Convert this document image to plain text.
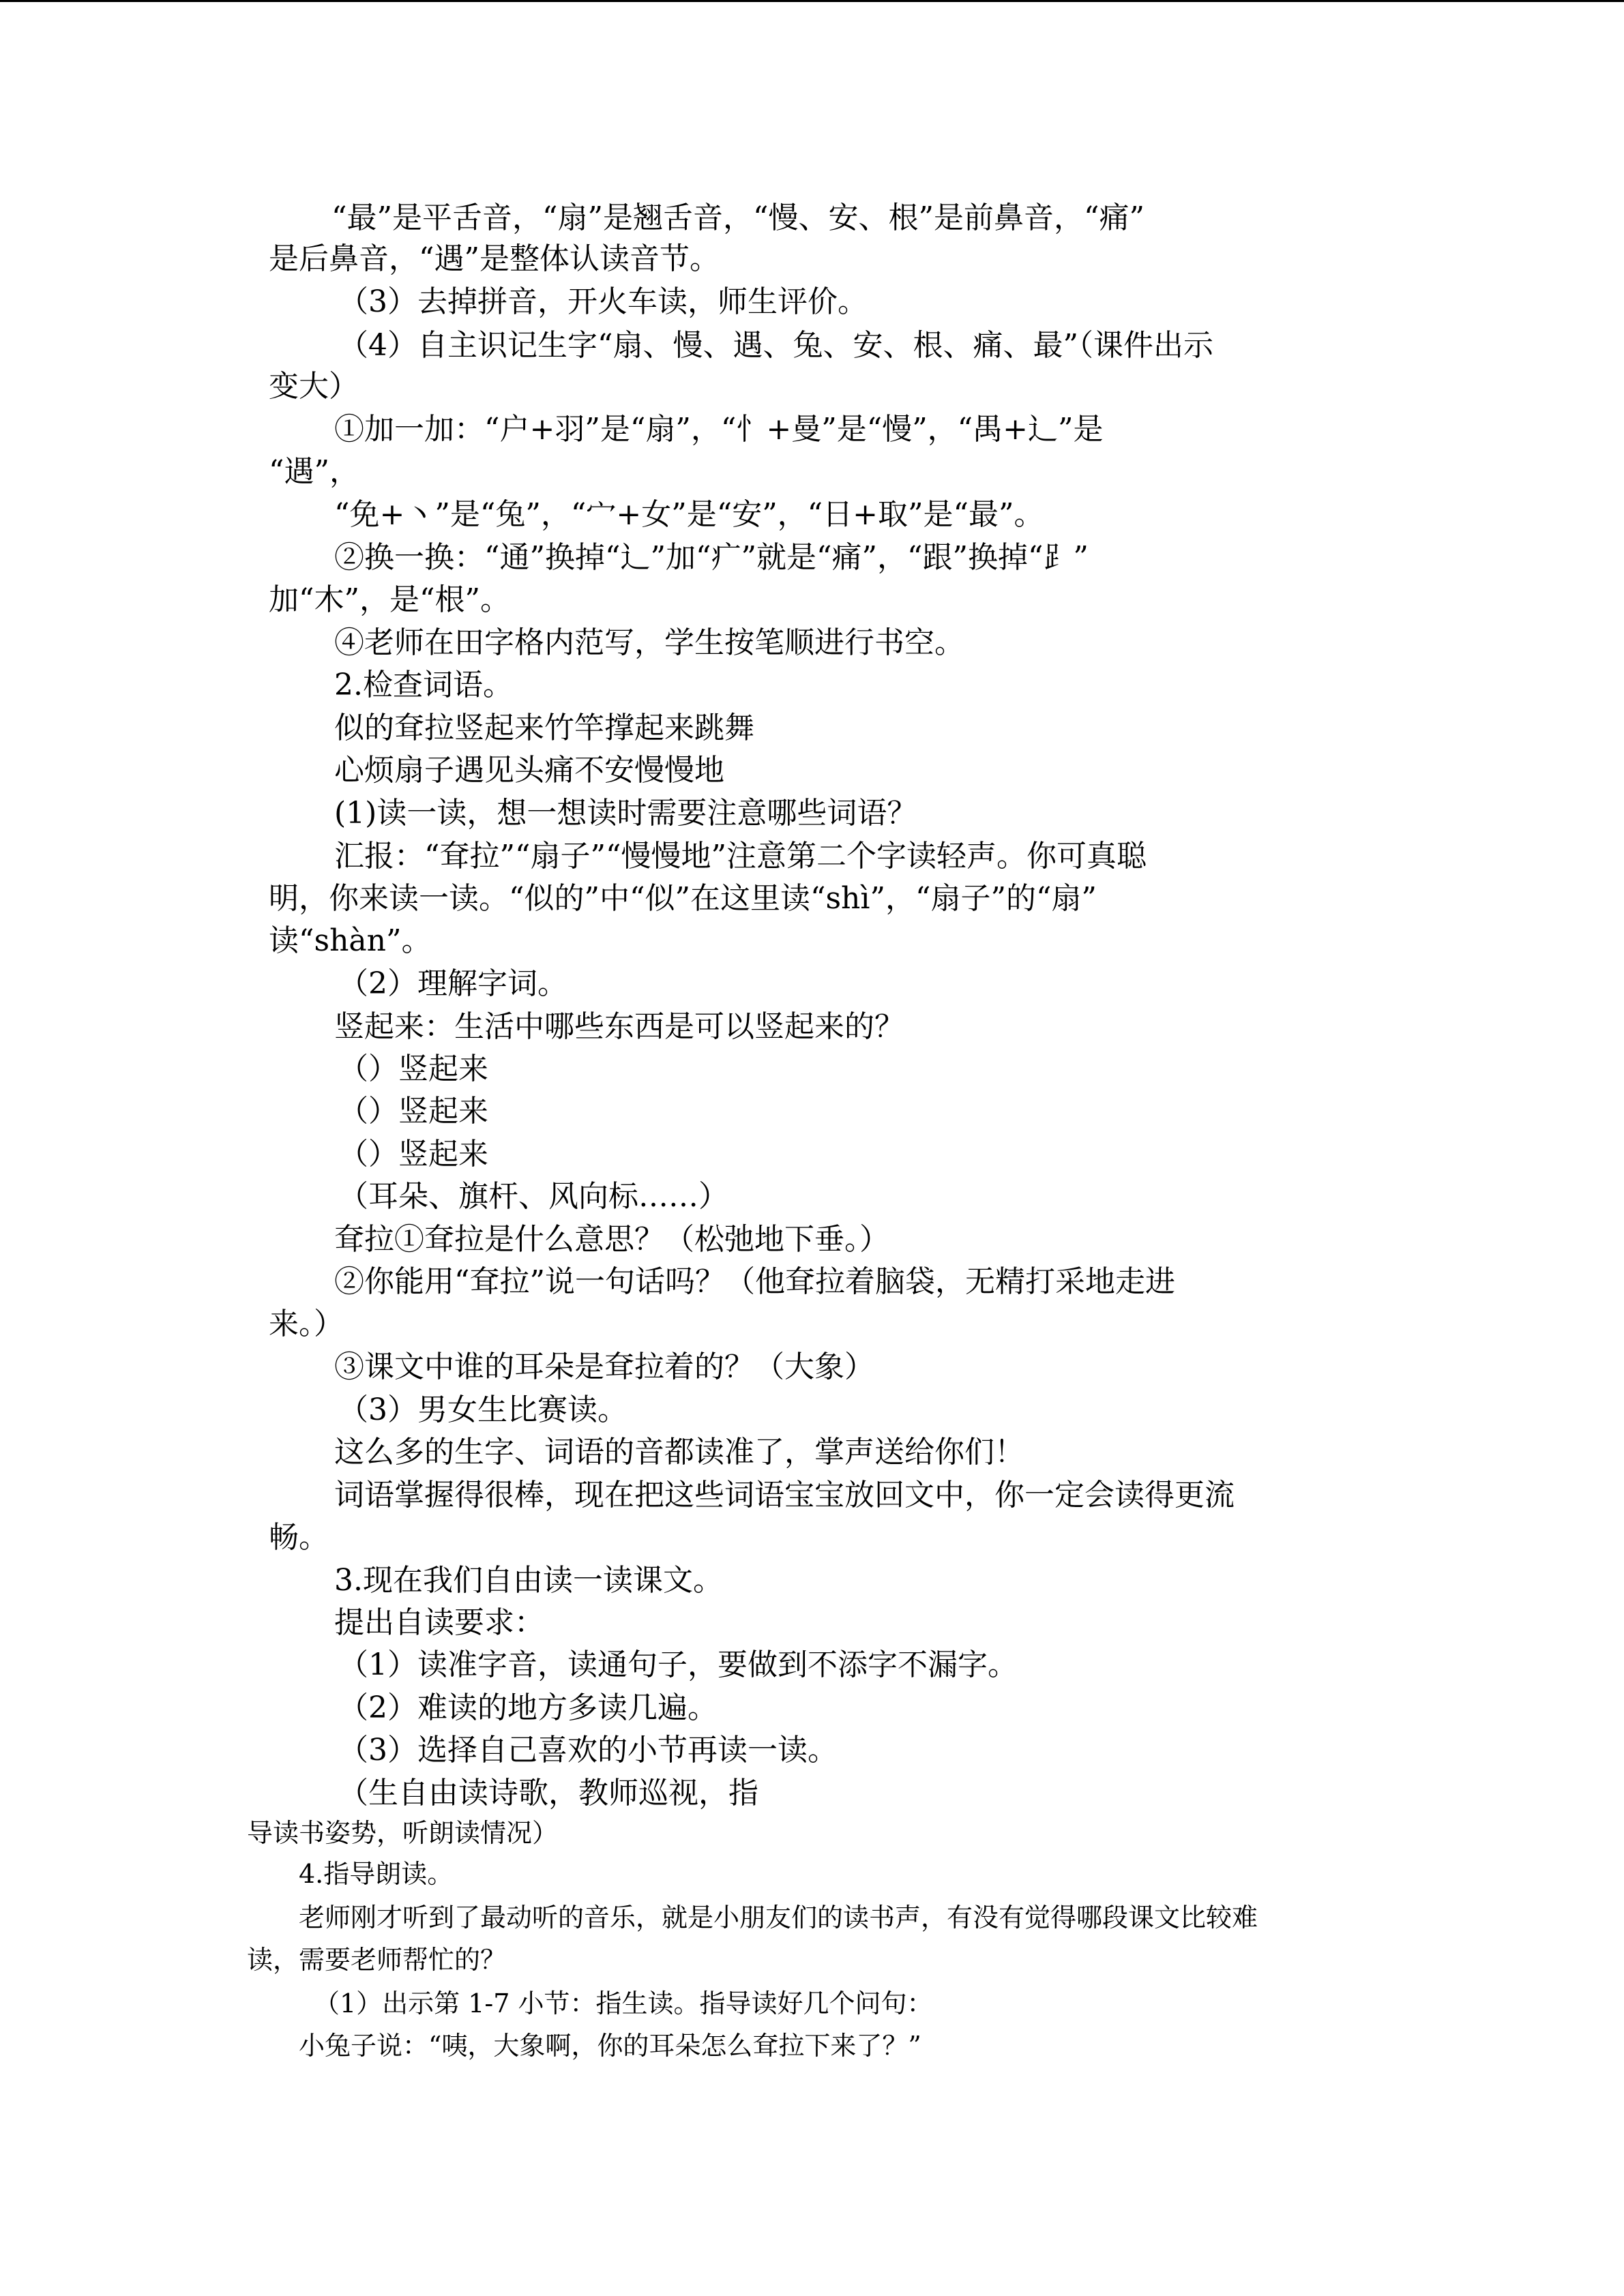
“最”是平舌音，“扇”是翘舌音，“慢、安、根”是前鼻音，“痛”
是后鼻音，“遇”是整体认读音节。
（3）去掉拼音，开火车读，师生评价。
（4）自主识记生字“扇、慢、遇、兔、安、根、痛、最”（课件出示
变大）
①加一加：“户+羽”是“扇”，“忄+曼”是“慢”，“禺+辶”是
“遇”，
“免+丶”是“兔”，“宀+女”是“安”，“日+取”是“最”。
②换一换：“通”换掉“辶”加“疒”就是“痛”，“跟”换掉“⻊”
加“木”，是“根”。
④老师在田字格内范写，学生按笔顺进行书空。
2.检查词语。
似的耷拉竖起来竹竿撑起来跳舞
心烦扇子遇见头痛不安慢慢地
(1)读一读，想一想读时需要注意哪些词语？
汇报：“耷拉”“扇子”“慢慢地”注意第二个字读轻声。你可真聪
明，你来读一读。“似的”中“似”在这里读“shì”，“扇子”的“扇”
读“shàn”。
（2）理解字词。
竖起来：生活中哪些东西是可以竖起来的？
（）竖起来
（）竖起来
（）竖起来
（耳朵、旗杆、风向标……）
耷拉①耷拉是什么意思？（松弛地下垂。）
②你能用“耷拉”说一句话吗？（他耷拉着脑袋，无精打采地走进
来。）
③课文中谁的耳朵是耷拉着的？（大象）
（3）男女生比赛读。
这么多的生字、词语的音都读准了，掌声送给你们！
词语掌握得很棒，现在把这些词语宝宝放回文中，你一定会读得更流
畅。
3.现在我们自由读一读课文。
提出自读要求：
（1）读准字音，读通句子，要做到不添字不漏字。
（2）难读的地方多读几遍。
（3）选择自己喜欢的小节再读一读。
（生自由读诗歌，教师巡视，指
导读书姿势，听朗读情况）
4.指导朗读。
老师刚才听到了最动听的音乐，就是小朋友们的读书声，有没有觉得哪段课文比较难
读，需要老师帮忙的？
（1）出示第 1-7 小节：指生读。指导读好几个问句：
小兔子说：“咦，大象啊，你的耳朵怎么耷拉下来了？”
